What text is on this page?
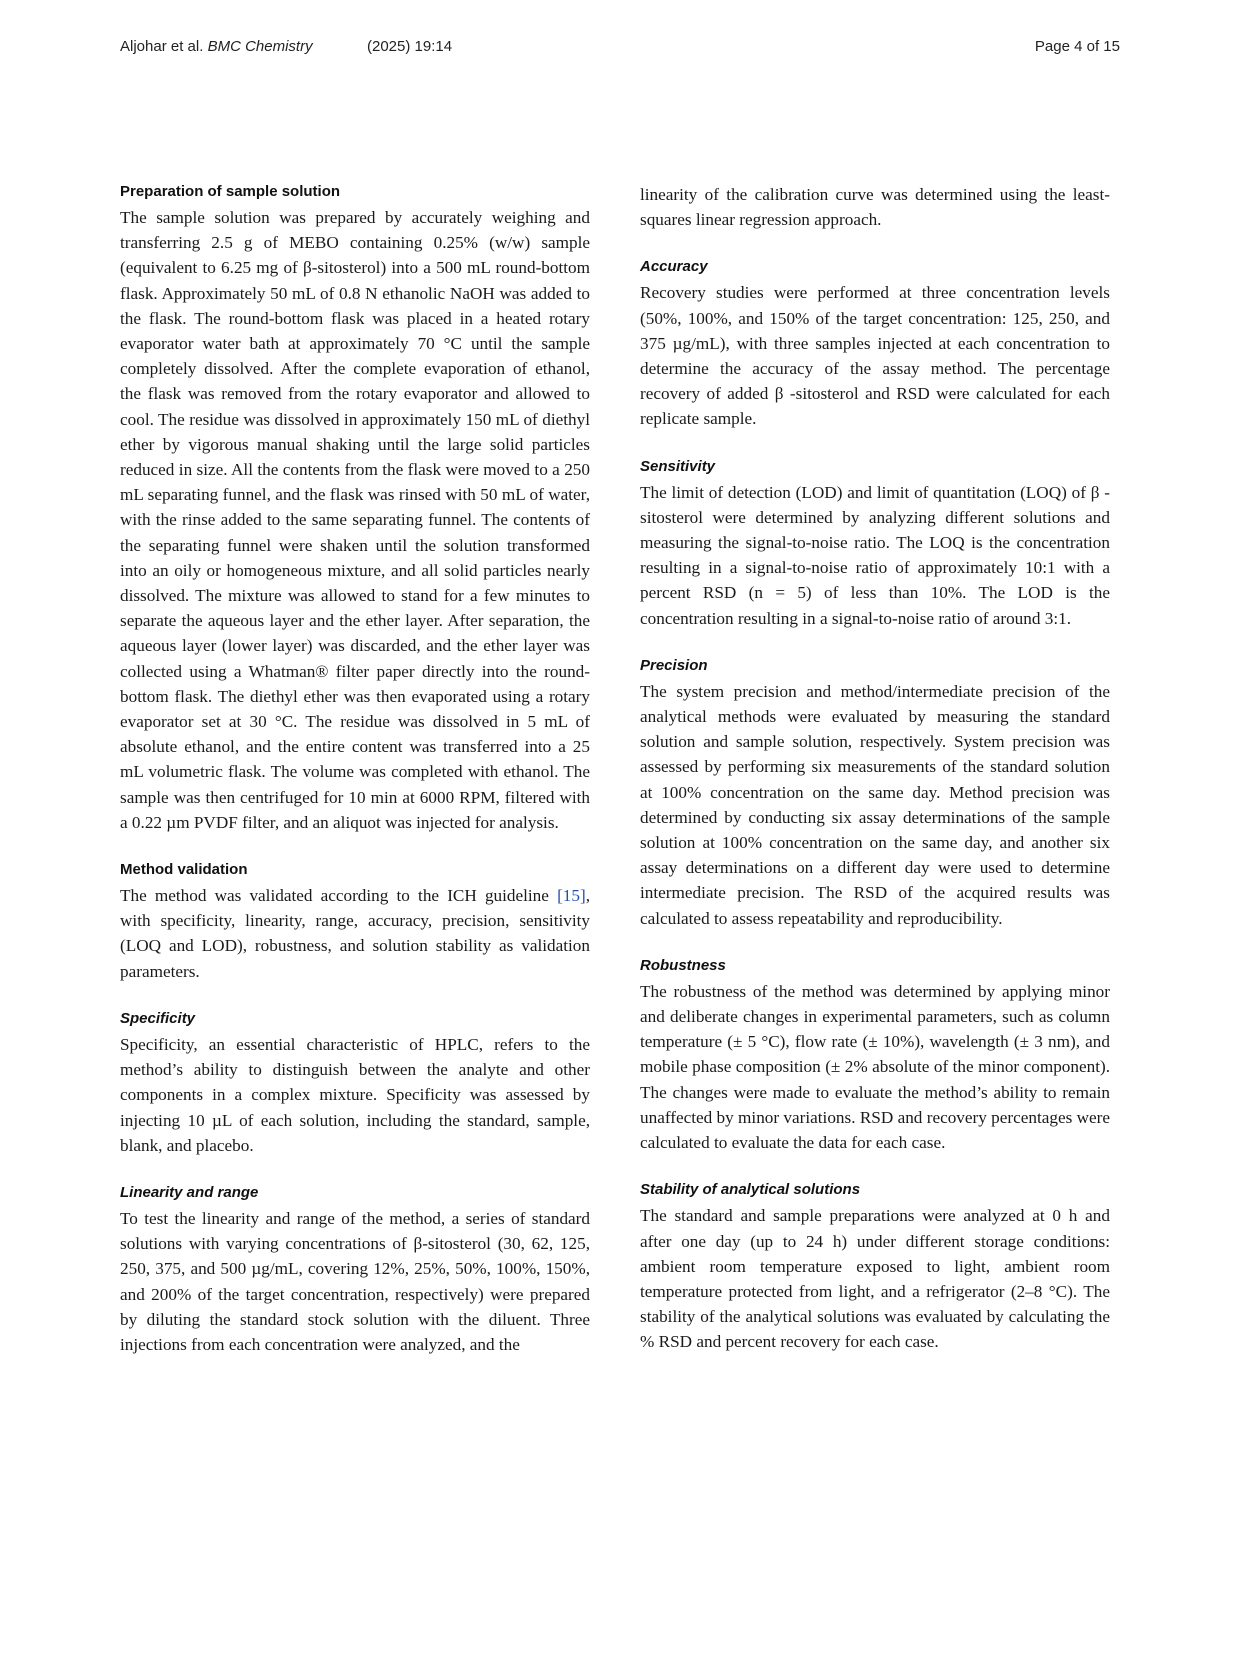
Aljohar et al. BMC Chemistry	(2025) 19:14	Page 4 of 15
Preparation of sample solution

The sample solution was prepared by accurately weighing and transferring 2.5 g of MEBO containing 0.25% (w/w) sample (equivalent to 6.25 mg of β-sitosterol) into a 500 mL round-bottom flask. Approximately 50 mL of 0.8 N ethanolic NaOH was added to the flask. The round-bottom flask was placed in a heated rotary evaporator water bath at approximately 70 °C until the sample completely dissolved. After the complete evaporation of ethanol, the flask was removed from the rotary evaporator and allowed to cool. The residue was dissolved in approximately 150 mL of diethyl ether by vigorous manual shaking until the large solid particles reduced in size. All the contents from the flask were moved to a 250 mL separating funnel, and the flask was rinsed with 50 mL of water, with the rinse added to the same separating funnel. The contents of the separating funnel were shaken until the solution transformed into an oily or homogeneous mixture, and all solid particles nearly dissolved. The mixture was allowed to stand for a few minutes to separate the aqueous layer and the ether layer. After separation, the aqueous layer (lower layer) was discarded, and the ether layer was collected using a Whatman® filter paper directly into the round-bottom flask. The diethyl ether was then evaporated using a rotary evaporator set at 30 °C. The residue was dissolved in 5 mL of absolute ethanol, and the entire content was transferred into a 25 mL volumetric flask. The volume was completed with ethanol. The sample was then centrifuged for 10 min at 6000 RPM, filtered with a 0.22 µm PVDF filter, and an aliquot was injected for analysis.

Method validation

The method was validated according to the ICH guideline [15], with specificity, linearity, range, accuracy, precision, sensitivity (LOQ and LOD), robustness, and solution stability as validation parameters.

Specificity

Specificity, an essential characteristic of HPLC, refers to the method’s ability to distinguish between the analyte and other components in a complex mixture. Specificity was assessed by injecting 10 µL of each solution, including the standard, sample, blank, and placebo.

Linearity and range

To test the linearity and range of the method, a series of standard solutions with varying concentrations of β-sitosterol (30, 62, 125, 250, 375, and 500 µg/mL, covering 12%, 25%, 50%, 100%, 150%, and 200% of the target concentration, respectively) were prepared by diluting the standard stock solution with the diluent. Three injections from each concentration were analyzed, and the

linearity of the calibration curve was determined using the least-squares linear regression approach.

Accuracy

Recovery studies were performed at three concentration levels (50%, 100%, and 150% of the target concentration: 125, 250, and 375 µg/mL), with three samples injected at each concentration to determine the accuracy of the assay method. The percentage recovery of added β -sitosterol and RSD were calculated for each replicate sample.

Sensitivity

The limit of detection (LOD) and limit of quantitation (LOQ) of β -sitosterol were determined by analyzing different solutions and measuring the signal-to-noise ratio. The LOQ is the concentration resulting in a signal-to-noise ratio of approximately 10:1 with a percent RSD (n = 5) of less than 10%. The LOD is the concentration resulting in a signal-to-noise ratio of around 3:1.

Precision

The system precision and method/intermediate precision of the analytical methods were evaluated by measuring the standard solution and sample solution, respectively. System precision was assessed by performing six measurements of the standard solution at 100% concentration on the same day. Method precision was determined by conducting six assay determinations of the sample solution at 100% concentration on the same day, and another six assay determinations on a different day were used to determine intermediate precision. The RSD of the acquired results was calculated to assess repeatability and reproducibility.

Robustness

The robustness of the method was determined by applying minor and deliberate changes in experimental parameters, such as column temperature (± 5 °C), flow rate (± 10%), wavelength (± 3 nm), and mobile phase composition (± 2% absolute of the minor component). The changes were made to evaluate the method’s ability to remain unaffected by minor variations. RSD and recovery percentages were calculated to evaluate the data for each case.

Stability of analytical solutions

The standard and sample preparations were analyzed at 0 h and after one day (up to 24 h) under different storage conditions: ambient room temperature exposed to light, ambient room temperature protected from light, and a refrigerator (2–8 °C). The stability of the analytical solutions was evaluated by calculating the % RSD and percent recovery for each case.
